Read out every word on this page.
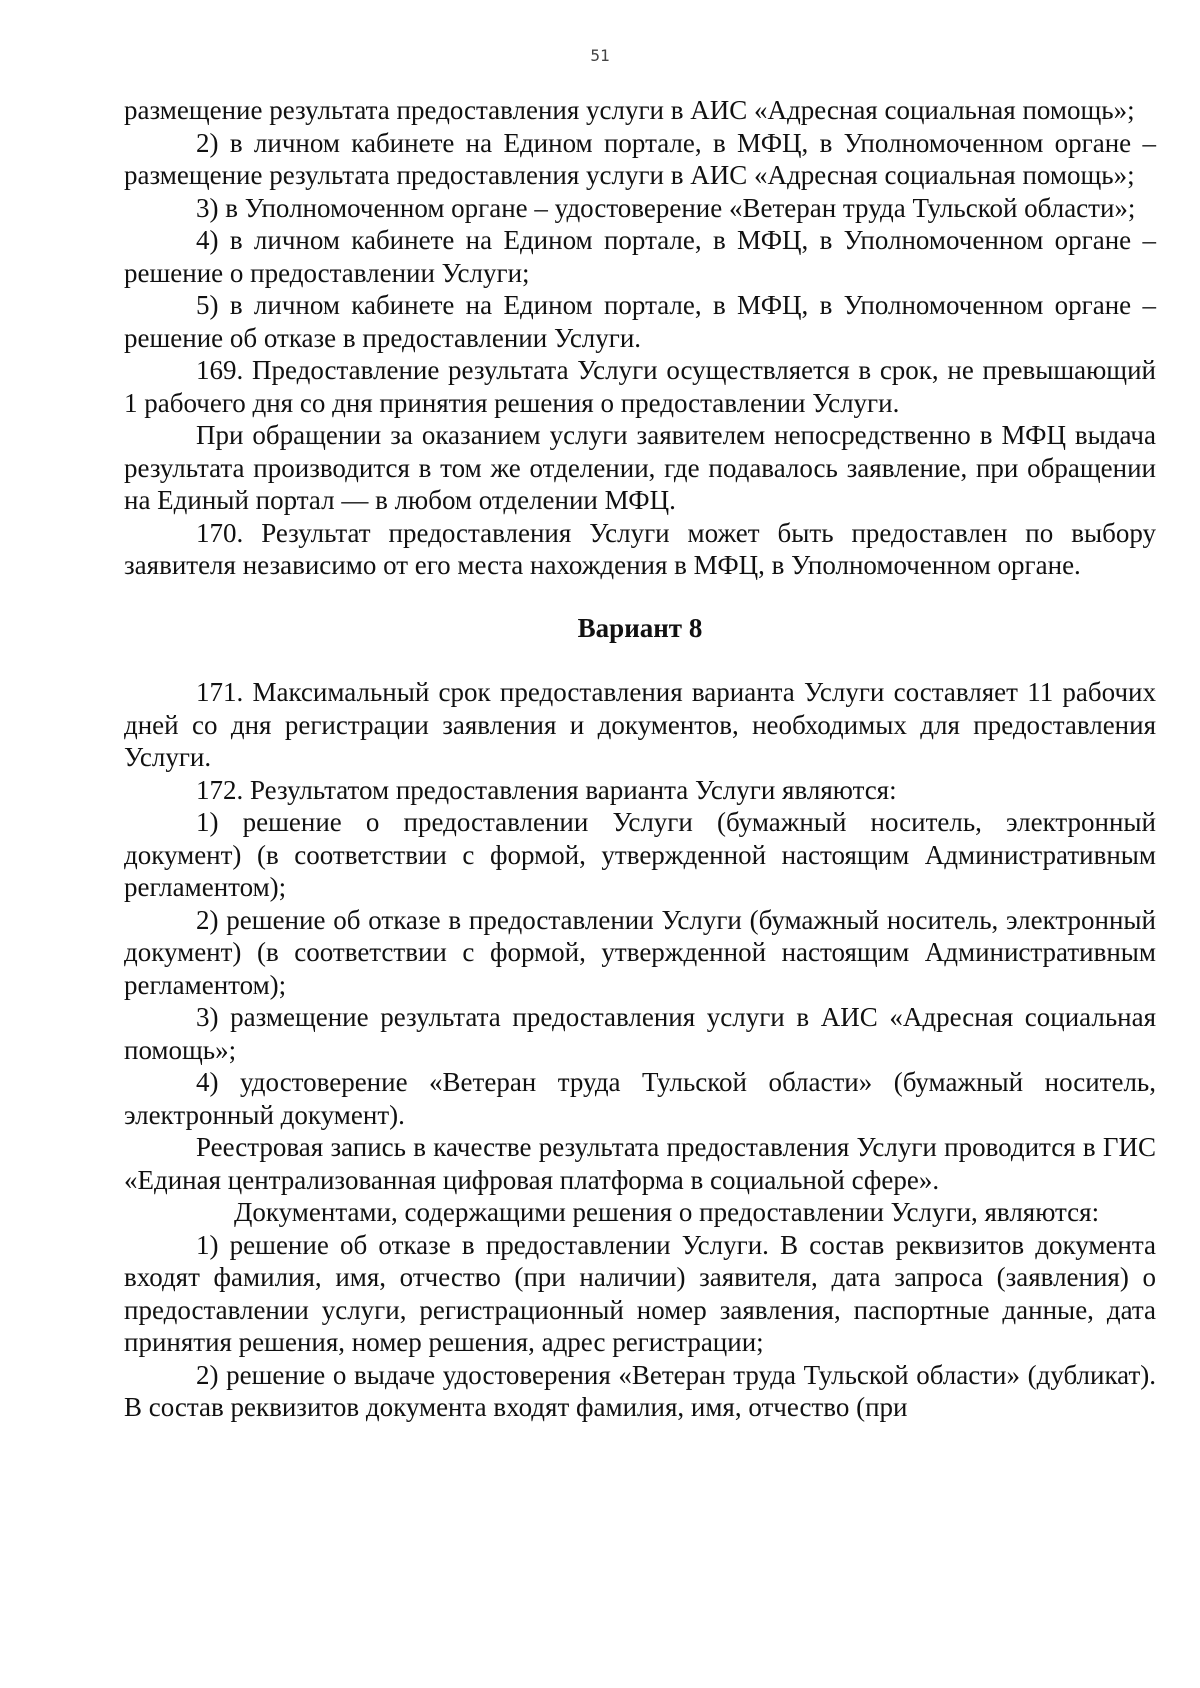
51

размещение результата предоставления услуги в АИС «Адресная социальная помощь»;

2) в личном кабинете на Едином портале, в МФЦ, в Уполномоченном органе – размещение результата предоставления услуги в АИС «Адресная социальная помощь»;

3) в Уполномоченном органе – удостоверение «Ветеран труда Тульской области»;

4) в личном кабинете на Едином портале, в МФЦ, в Уполномоченном органе – решение о предоставлении Услуги;

5) в личном кабинете на Едином портале, в МФЦ, в Уполномоченном органе – решение об отказе в предоставлении Услуги.

169. Предоставление результата Услуги осуществляется в срок, не превышающий 1 рабочего дня со дня принятия решения о предоставлении Услуги.

При обращении за оказанием услуги заявителем непосредственно в МФЦ выдача результата производится в том же отделении, где подавалось заявление, при обращении на Единый портал — в любом отделении МФЦ.

170. Результат предоставления Услуги может быть предоставлен по выбору заявителя независимо от его места нахождения в МФЦ, в Уполномоченном органе.

Вариант 8

171. Максимальный срок предоставления варианта Услуги составляет 11 рабочих дней со дня регистрации заявления и документов, необходимых для предоставления Услуги.

172. Результатом предоставления варианта Услуги являются:

1) решение о предоставлении Услуги (бумажный носитель, электронный документ) (в соответствии с формой, утвержденной настоящим Административным регламентом);

2) решение об отказе в предоставлении Услуги (бумажный носитель, электронный документ) (в соответствии с формой, утвержденной настоящим Административным регламентом);

3) размещение результата предоставления услуги в АИС «Адресная социальная помощь»;

4) удостоверение «Ветеран труда Тульской области» (бумажный носитель, электронный документ).

Реестровая запись в качестве результата предоставления Услуги проводится в ГИС «Единая централизованная цифровая платформа в социальной сфере».

Документами, содержащими решения о предоставлении Услуги, являются:

1) решение об отказе в предоставлении Услуги. В состав реквизитов документа входят фамилия, имя, отчество (при наличии) заявителя, дата запроса (заявления) о предоставлении услуги, регистрационный номер заявления, паспортные данные, дата принятия решения, номер решения, адрес регистрации;

2) решение о выдаче удостоверения «Ветеран труда Тульской области» (дубликат). В состав реквизитов документа входят фамилия, имя, отчество (при
